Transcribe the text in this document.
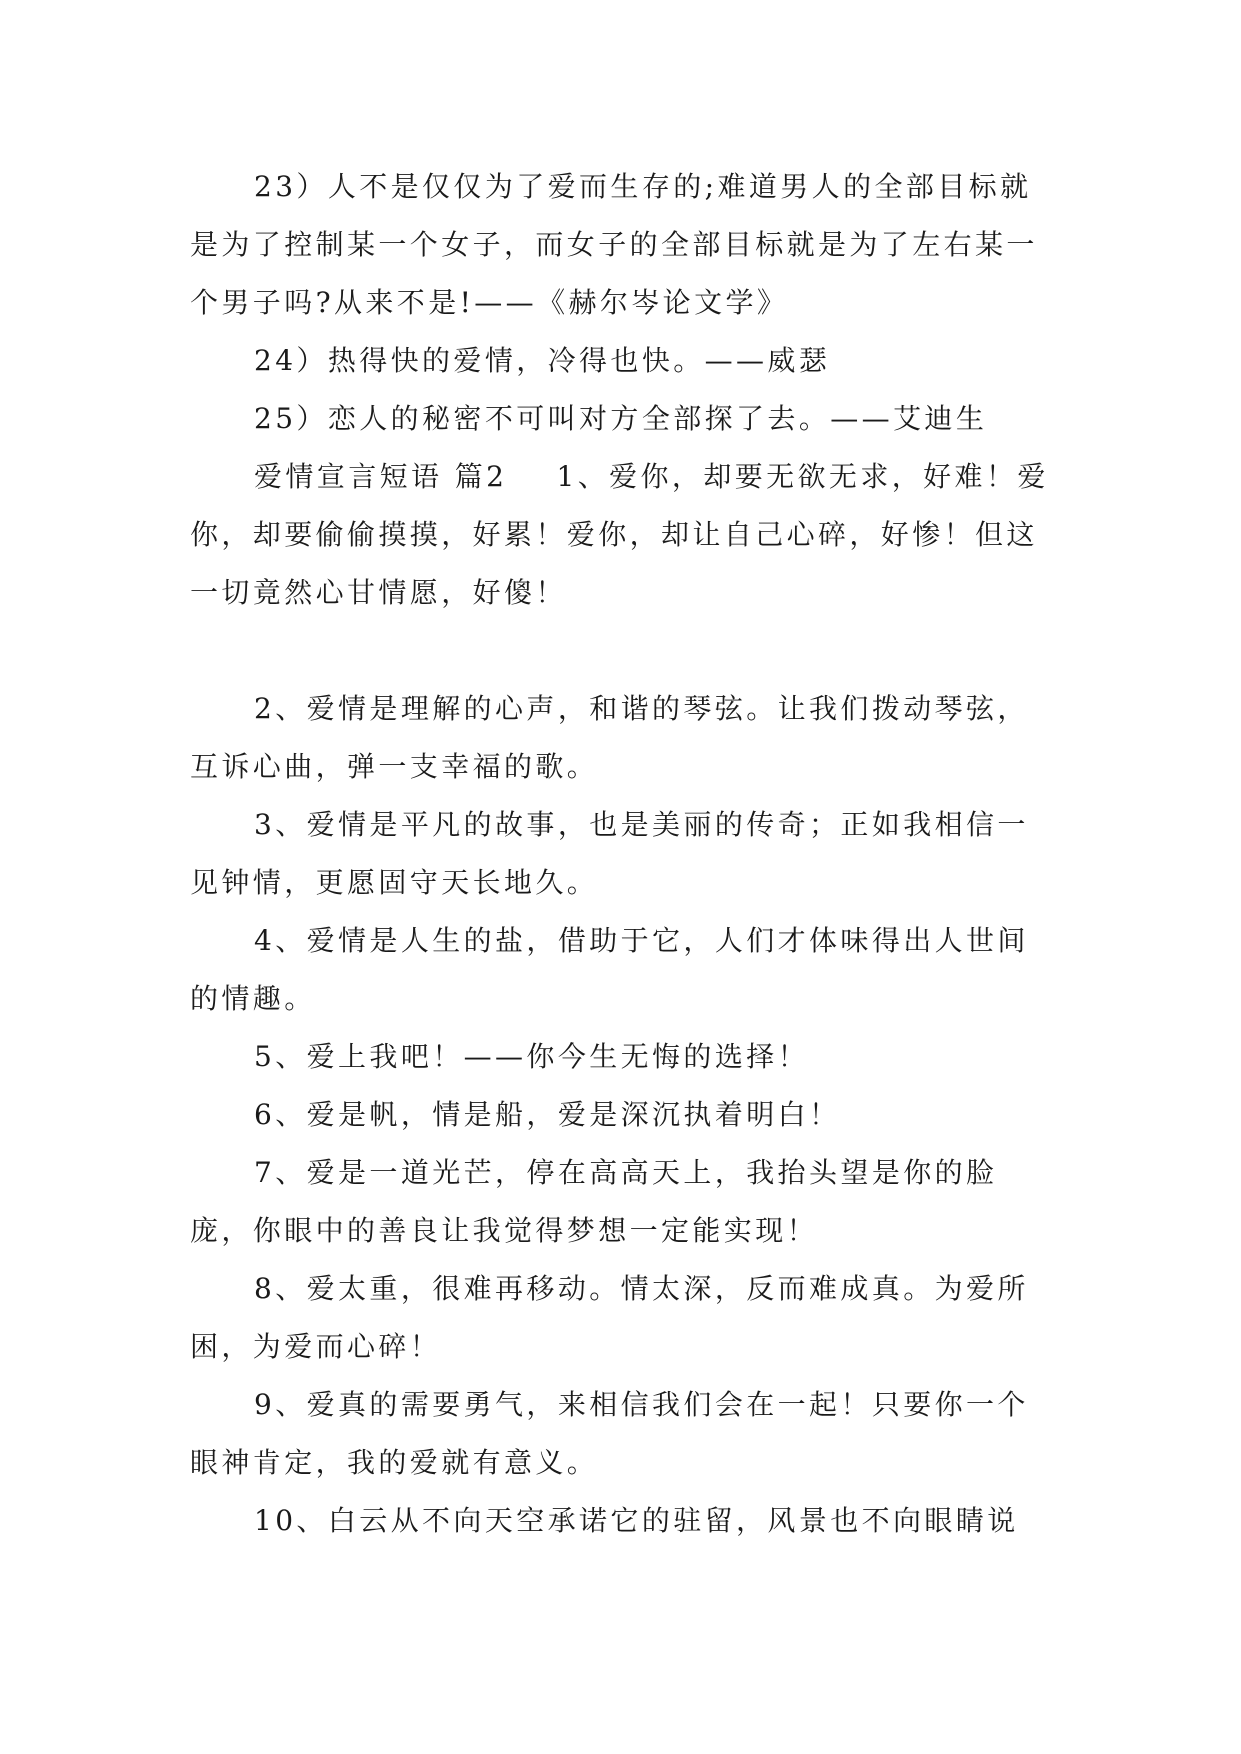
23）人不是仅仅为了爱而生存的;难道男人的全部目标就是为了控制某一个女子，而女子的全部目标就是为了左右某一个男子吗?从来不是!——《赫尔岑论文学》

24）热得快的爱情，冷得也快。——威瑟

25）恋人的秘密不可叫对方全部探了去。——艾迪生

爱情宣言短语 篇2    1、爱你，却要无欲无求，好难！爱你，却要偷偷摸摸，好累！爱你，却让自己心碎，好惨！但这一切竟然心甘情愿，好傻！

2、爱情是理解的心声，和谐的琴弦。让我们拨动琴弦，互诉心曲，弹一支幸福的歌。

3、爱情是平凡的故事，也是美丽的传奇；正如我相信一见钟情，更愿固守天长地久。

4、爱情是人生的盐，借助于它，人们才体味得出人世间的情趣。

5、爱上我吧！——你今生无悔的选择！

6、爱是帆，情是船，爱是深沉执着明白！

7、爱是一道光芒，停在高高天上，我抬头望是你的脸庞，你眼中的善良让我觉得梦想一定能实现！

8、爱太重，很难再移动。情太深，反而难成真。为爱所困，为爱而心碎！

9、爱真的需要勇气，来相信我们会在一起！只要你一个眼神肯定，我的爱就有意义。

10、白云从不向天空承诺它的驻留，风景也不向眼睛说
